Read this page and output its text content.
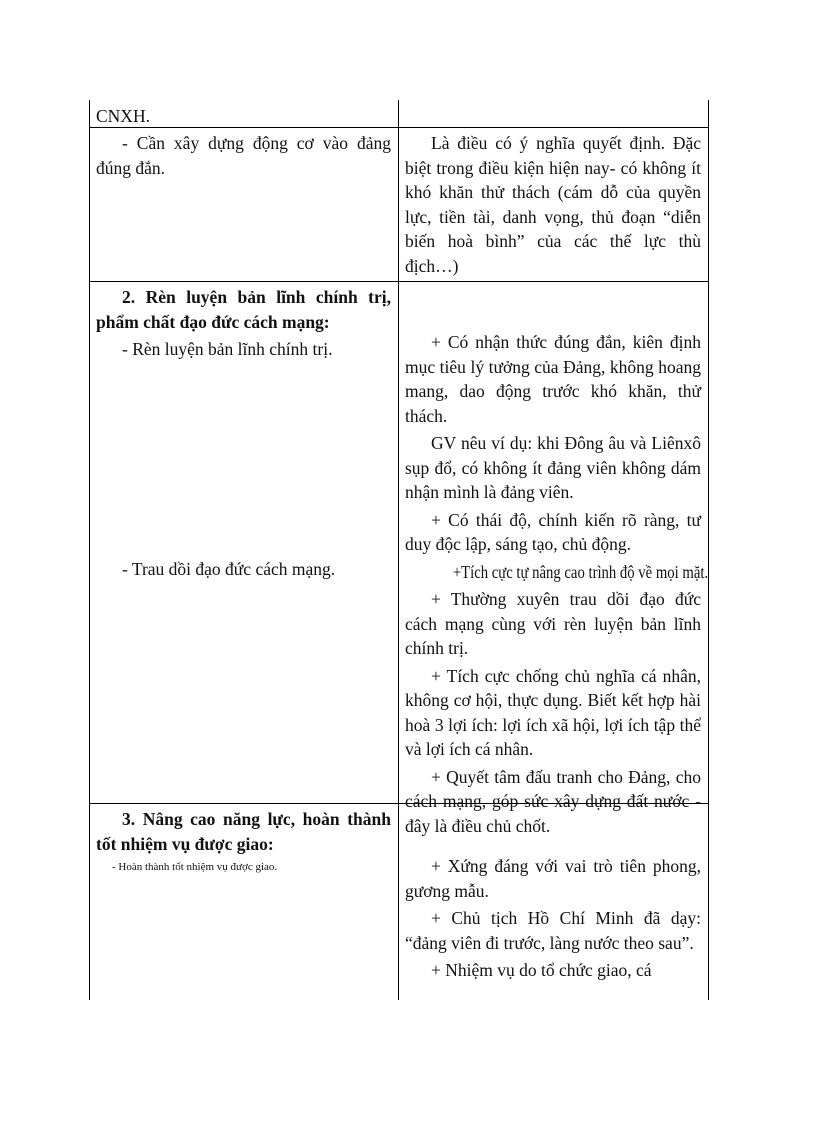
CNXH.

- Cần xây dựng động cơ vào đảng đúng đắn.

Là điều có ý nghĩa quyết định. Đặc biệt trong điều kiện hiện nay- có không ít khó khăn thử thách (cám dỗ của quyền lực, tiền tài, danh vọng, thủ đoạn “diễn biến hoà bình” của các thế lực thù địch…)

2. Rèn luyện bản lĩnh chính trị, phẩm chất đạo đức cách mạng:

- Rèn luyện bản lĩnh chính trị.

- Trau dồi đạo đức cách mạng.

+ Có nhận thức đúng đắn, kiên định mục tiêu lý tưởng của Đảng, không hoang mang, dao động trước khó khăn, thử thách.

GV nêu ví dụ: khi Đông âu và Liênxô sụp đổ, có không ít đảng viên không dám nhận mình là đảng viên.

+ Có thái độ, chính kiến rõ ràng, tư duy độc lập, sáng tạo, chủ động.

+Tích cực tự nâng cao trình độ về mọi mặt.

+ Thường xuyên trau dồi đạo đức cách mạng cùng với rèn luyện bản lĩnh chính trị.

+ Tích cực chống chủ nghĩa cá nhân, không cơ hội, thực dụng. Biết kết hợp hài hoà 3 lợi ích: lợi ích xã hội, lợi ích tập thể và lợi ích cá nhân.

+ Quyết tâm đấu tranh cho Đảng, cho cách mạng, góp sức xây dựng đất nước - đây là điều chủ chốt.

3. Nâng cao năng lực, hoàn thành tốt nhiệm vụ được giao:

- Hoàn thành tốt nhiệm vụ được giao.	+ Xứng đáng với vai trò tiên phong, gương mẫu.

+ Chủ tịch Hồ Chí Minh đã dạy: “đảng viên đi trước, làng nước theo sau”.

+ Nhiệm vụ do tổ chức giao, cá
